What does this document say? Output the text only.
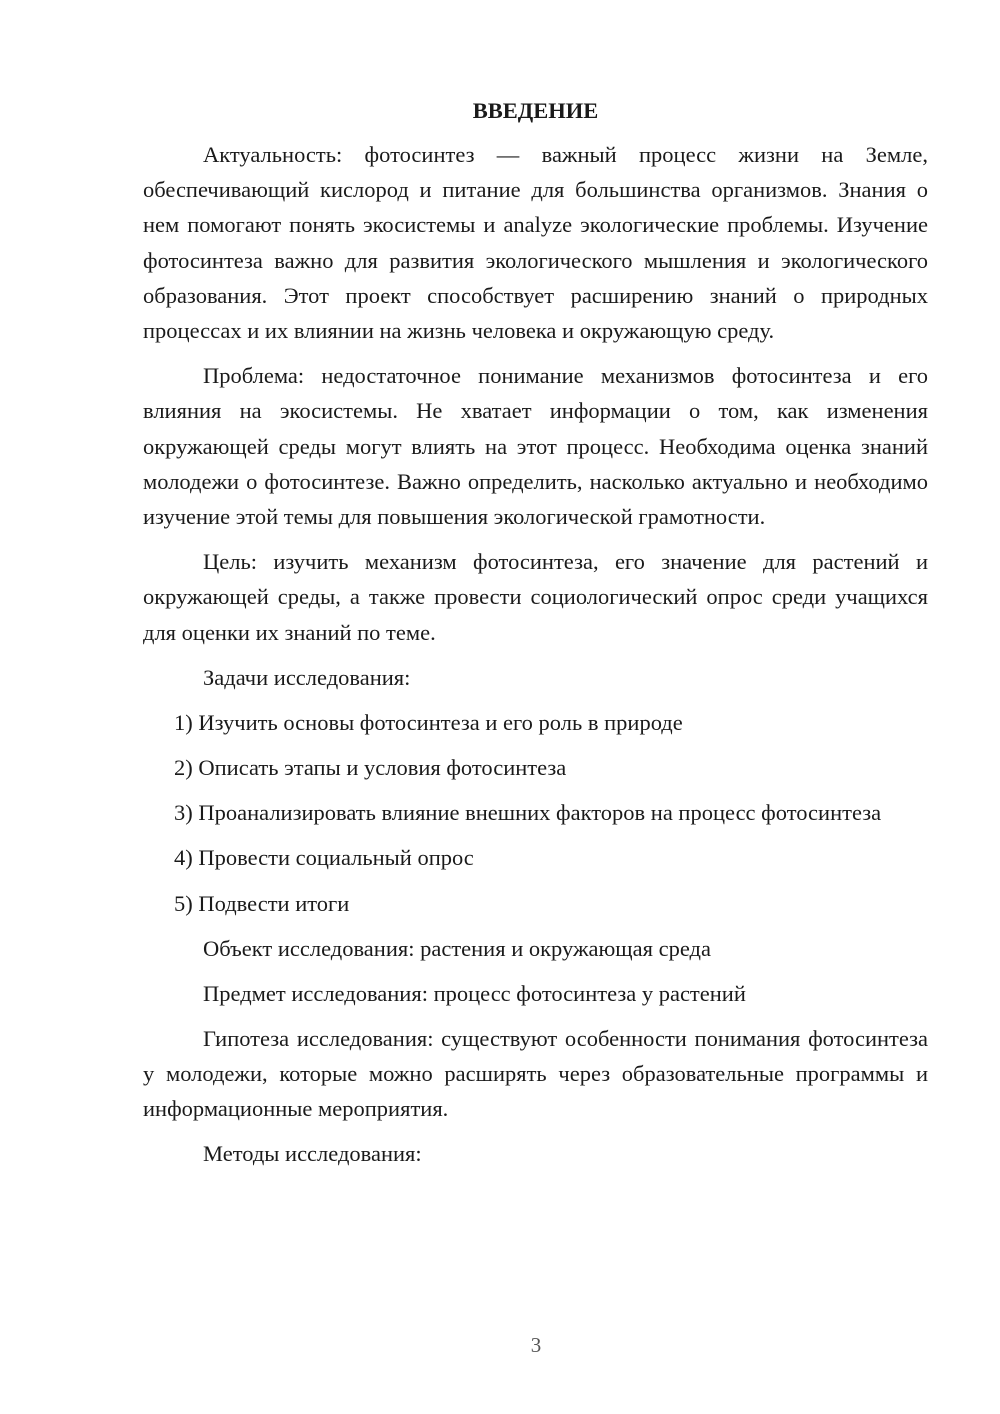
ВВЕДЕНИЕ

Актуальность: фотосинтез — важный процесс жизни на Земле, обеспечивающий кислород и питание для большинства организмов. Знания о нем помогают понять экосистемы и analyze экологические проблемы. Изучение фотосинтеза важно для развития экологического мышления и экологического образования. Этот проект способствует расширению знаний о природных процессах и их влиянии на жизнь человека и окружающую среду.

Проблема: недостаточное понимание механизмов фотосинтеза и его влияния на экосистемы. Не хватает информации о том, как изменения окружающей среды могут влиять на этот процесс. Необходима оценка знаний молодежи о фотосинтезе. Важно определить, насколько актуально и необходимо изучение этой темы для повышения экологической грамотности.

Цель: изучить механизм фотосинтеза, его значение для растений и окружающей среды, а также провести социологический опрос среди учащихся для оценки их знаний по теме.

Задачи исследования:

1) Изучить основы фотосинтеза и его роль в природе

2) Описать этапы и условия фотосинтеза

3) Проанализировать влияние внешних факторов на процесс фотосинтеза

4) Провести социальный опрос

5) Подвести итоги

Объект исследования: растения и окружающая среда

Предмет исследования: процесс фотосинтеза у растений

Гипотеза исследования: существуют особенности понимания фотосинтеза у молодежи, которые можно расширять через образовательные программы и информационные мероприятия.

Методы исследования:

3
